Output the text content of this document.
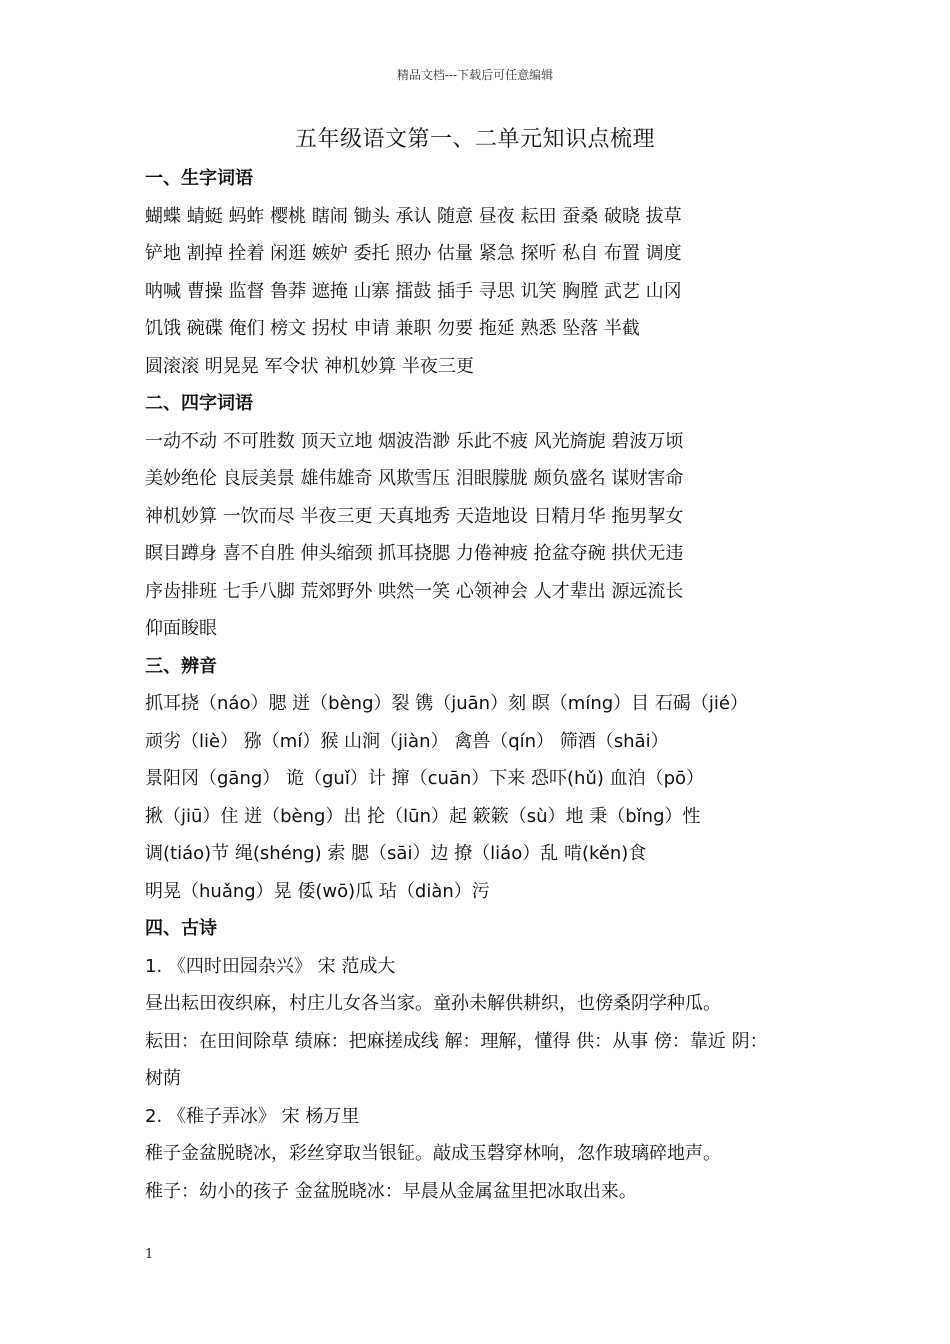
精品文档---下载后可任意编辑
五年级语文第一、二单元知识点梳理
一、生字词语
蝴蝶 蜻蜓 蚂蚱 樱桃 瞎闹 锄头 承认 随意 昼夜 耘田 蚕桑 破晓 拔草
铲地 割掉 拴着 闲逛 嫉妒 委托 照办 估量 紧急 探听 私自 布置 调度
呐喊 曹操 监督 鲁莽 遮掩 山寨 擂鼓 插手 寻思 讥笑 胸膛 武艺 山冈
饥饿 碗碟 俺们 榜文 拐杖 申请 兼职 勿要 拖延 熟悉 坠落 半截
圆滚滚 明晃晃 军令状 神机妙算 半夜三更
二、四字词语
一动不动 不可胜数 顶天立地 烟波浩渺 乐此不疲 风光旖旎 碧波万顷
美妙绝伦 良辰美景 雄伟雄奇 风欺雪压 泪眼朦胧 颇负盛名 谋财害命
神机妙算 一饮而尽 半夜三更 天真地秀 天造地设 日精月华 拖男挈女
瞑目蹲身 喜不自胜 伸头缩颈 抓耳挠腮 力倦神疲 抢盆夺碗 拱伏无违
序齿排班 七手八脚 荒郊野外 哄然一笑 心领神会 人才辈出 源远流长
仰面睃眼
三、辨音
抓耳挠（náo）腮 迸（bèng）裂 镌（juān）刻 瞑（míng）目 石碣（jié）
顽劣（liè） 猕（mí）猴 山涧（jiàn） 禽兽（qín） 筛酒（shāi）
景阳冈（gāng） 诡（guǐ）计 撺（cuān）下来 恐吓(hǔ) 血泊（pō）
揪（jiū）住 迸（bèng）出 抡（lūn）起 簌簌（sù）地 秉（bǐng）性
调(tiáo)节 绳(shéng) 索 腮（sāi）边 撩（liáo）乱 啃(kěn)食
明晃（huǎng）晃 倭(wō)瓜 玷（diàn）污
四、古诗
1. 《四时田园杂兴》 宋 范成大
昼出耘田夜织麻，村庄儿女各当家。童孙未解供耕织，也傍桑阴学种瓜。
耘田：在田间除草 绩麻：把麻搓成线 解：理解，懂得 供：从事 傍：靠近 阴：
树荫
2. 《稚子弄冰》 宋 杨万里
稚子金盆脱晓冰，彩丝穿取当银钲。敲成玉磬穿林响，忽作玻璃碎地声。
稚子：幼小的孩子 金盆脱晓冰：早晨从金属盆里把冰取出来。
1
